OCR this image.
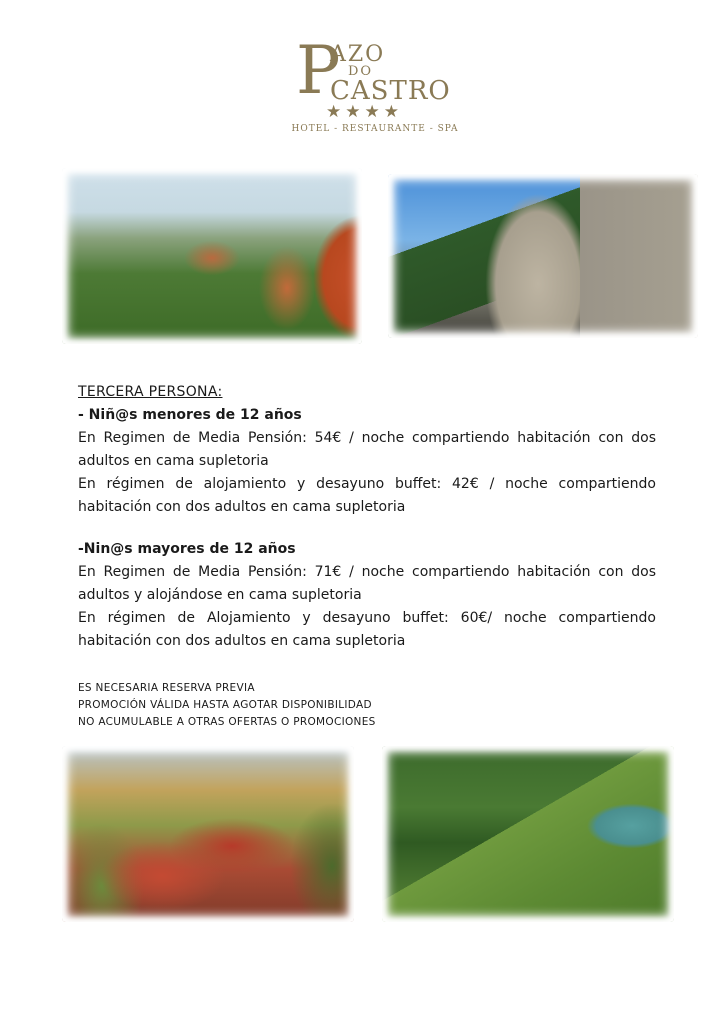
P
AZO
DO
CASTRO
★★★★
HOTEL - RESTAURANTE - SPA
TERCERA PERSONA:
- Niñ@s menores de 12 años

En Regimen de Media Pensión: 54€ / noche compartiendo habitación con dos adultos en cama supletoria

En régimen de alojamiento y desayuno buffet: 42€ / noche compartiendo habitación con dos adultos en cama supletoria

-Nin@s mayores de 12 años

En Regimen de Media Pensión: 71€ / noche compartiendo habitación con dos adultos y alojándose en cama supletoria

En régimen de Alojamiento y desayuno buffet: 60€/ noche compartiendo habitación con dos adultos en cama supletoria

ES NECESARIA RESERVA PREVIA
PROMOCIÓN VÁLIDA HASTA AGOTAR DISPONIBILIDAD
NO ACUMULABLE A OTRAS OFERTAS O PROMOCIONES
